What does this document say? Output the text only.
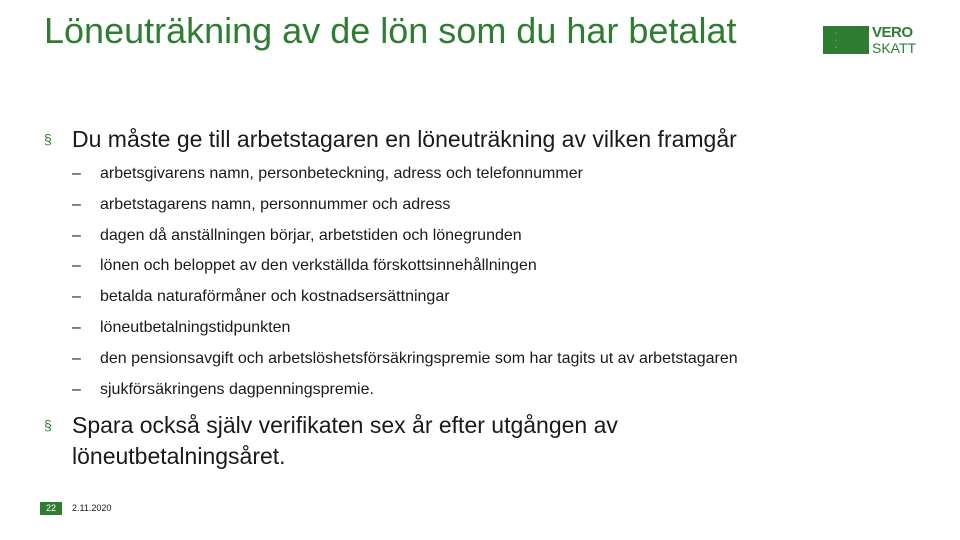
Löneuträkning av de lön som du har betalat	·
·
·
VERO
SKATT
§ Du måste ge till arbetstagaren en löneuträkning av vilken framgår
–	arbetsgivarens namn, personbeteckning, adress och telefonnummer
–	arbetstagarens namn, personnummer och adress
–	dagen då anställningen börjar, arbetstiden och lönegrunden
–	lönen och beloppet av den verkställda förskottsinnehållningen
–	betalda naturaförmåner och kostnadsersättningar
–	löneutbetalningstidpunkten
–	den pensionsavgift och arbetslöshetsförsäkringspremie som har tagits ut av arbetstagaren
–	sjukförsäkringens dagpenningspremie.
§ Spara också själv verifikaten sex år efter utgången av löneutbetalningsåret.
22	2.11.2020
